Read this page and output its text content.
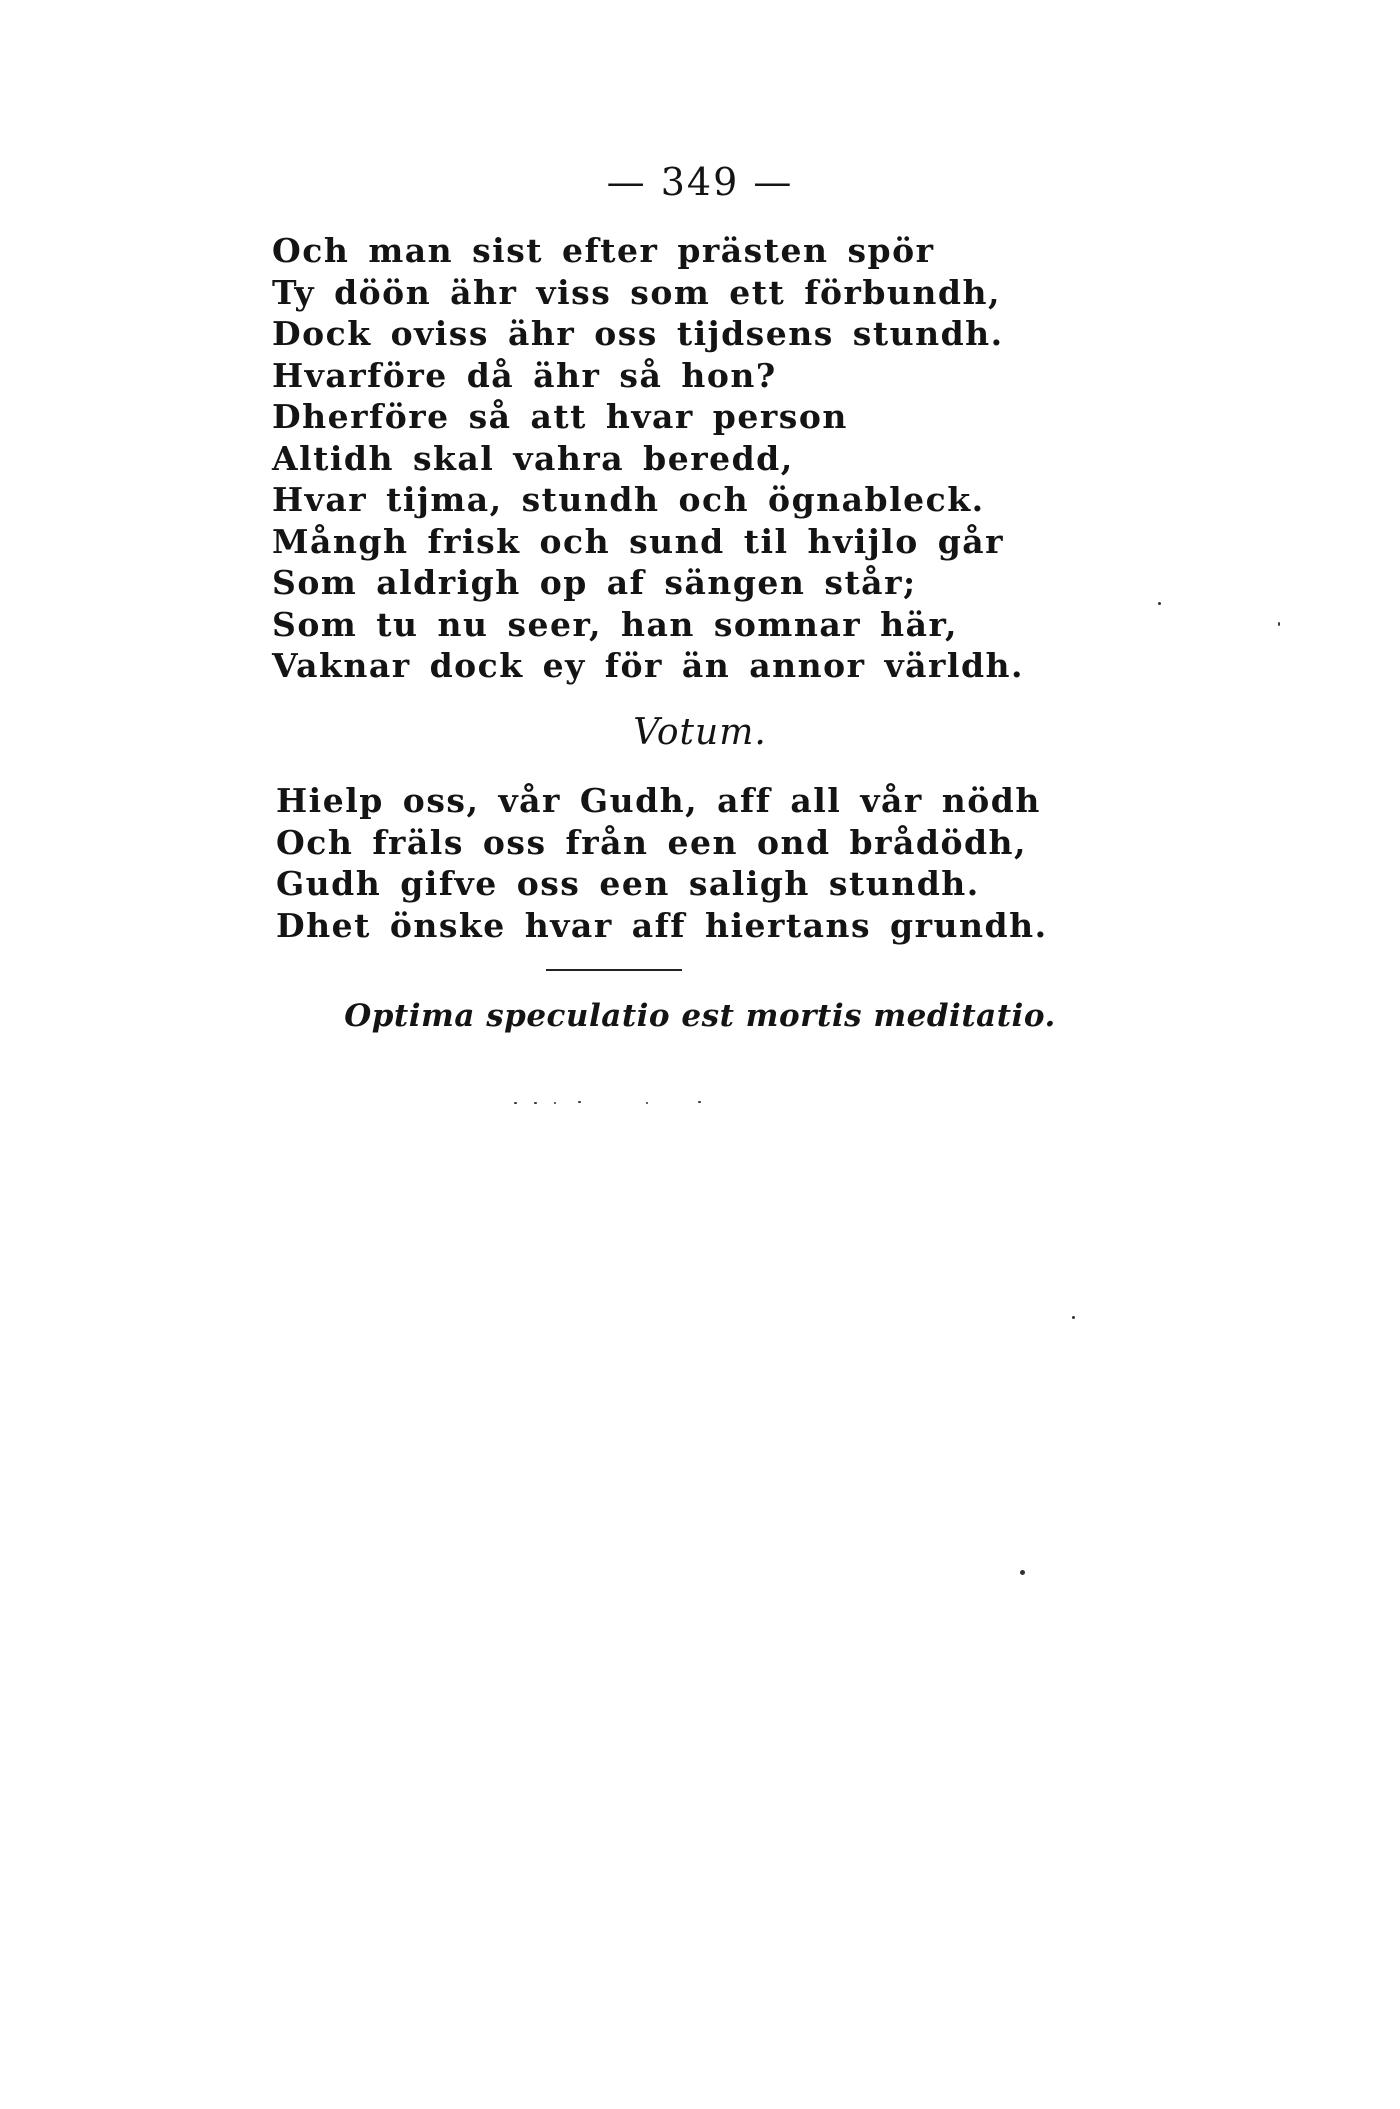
— 349 —
Och man sist efter prästen spör
Ty döön ähr viss som ett förbundh,
Dock oviss ähr oss tijdsens stundh.
Hvarföre då ähr så hon?
Dherföre så att hvar person
Altidh skal vahra beredd,
Hvar tijma, stundh och ögnableck.
Mångh frisk och sund til hvijlo går
Som aldrigh op af sängen står;
Som tu nu seer, han somnar här,
Vaknar dock ey för än annor världh.
Votum.
Hielp oss, vår Gudh, aff all vår nödh
Och fräls oss från een ond brådödh,
Gudh gifve oss een saligh stundh.
Dhet önske hvar aff hiertans grundh.
Optima speculatio est mortis meditatio.
